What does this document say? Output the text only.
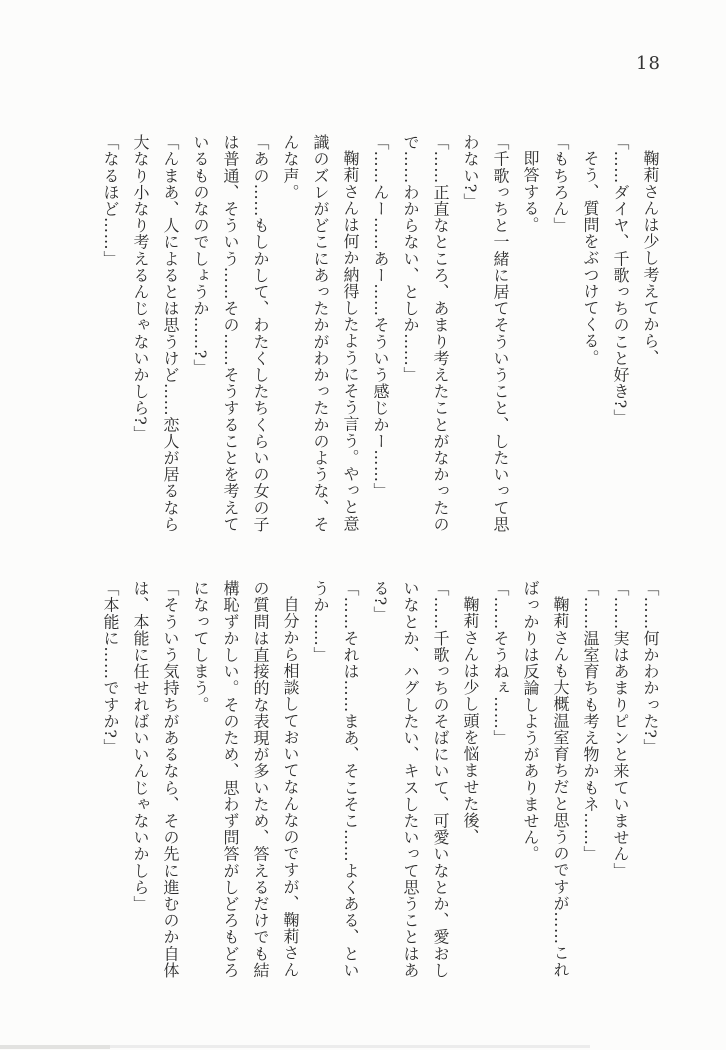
18

鞠莉さんは少し考えてから、

「……ダイヤ、千歌っちのこと好き?」

そう、質問をぶつけてくる。

「もちろん」

即答する。

「千歌っちと一緒に居てそういうこと、したいって思

わない?」

「……正直なところ、あまり考えたことがなかったの

で……わからない、としか……」

「……んー……あー……そういう感じかー……」

鞠莉さんは何か納得したようにそう言う。やっと意

識のズレがどこにあったかがわかったかのような、そ

んな声。

「あの……もしかして、わたくしたちくらいの女の子

は普通、そういう……その……そうすることを考えて

いるものなのでしょうか……?」

「んまあ、人によるとは思うけど……恋人が居るなら

大なり小なり考えるんじゃないかしら?」

「なるほど……」

「……何かわかった?」

「……実はあまりピンと来ていません」

「……温室育ちも考え物かもネ……」

鞠莉さんも大概温室育ちだと思うのですが……これ

ばっかりは反論しようがありません。

「……そうねぇ……」

鞠莉さんは少し頭を悩ませた後、

「……千歌っちのそばにいて、可愛いなとか、愛おし

いなとか、ハグしたい、キスしたいって思うことはあ

る?」

「……それは……まあ、そこそこ……よくある、とい

うか……」

自分から相談しておいてなんなのですが、鞠莉さん

の質問は直接的な表現が多いため、答えるだけでも結

構恥ずかしい。そのため、思わず問答がしどろもどろ

になってしまう。

「そういう気持ちがあるなら、その先に進むのか自体

は、本能に任せればいいんじゃないかしら」

「本能に……ですか?」
